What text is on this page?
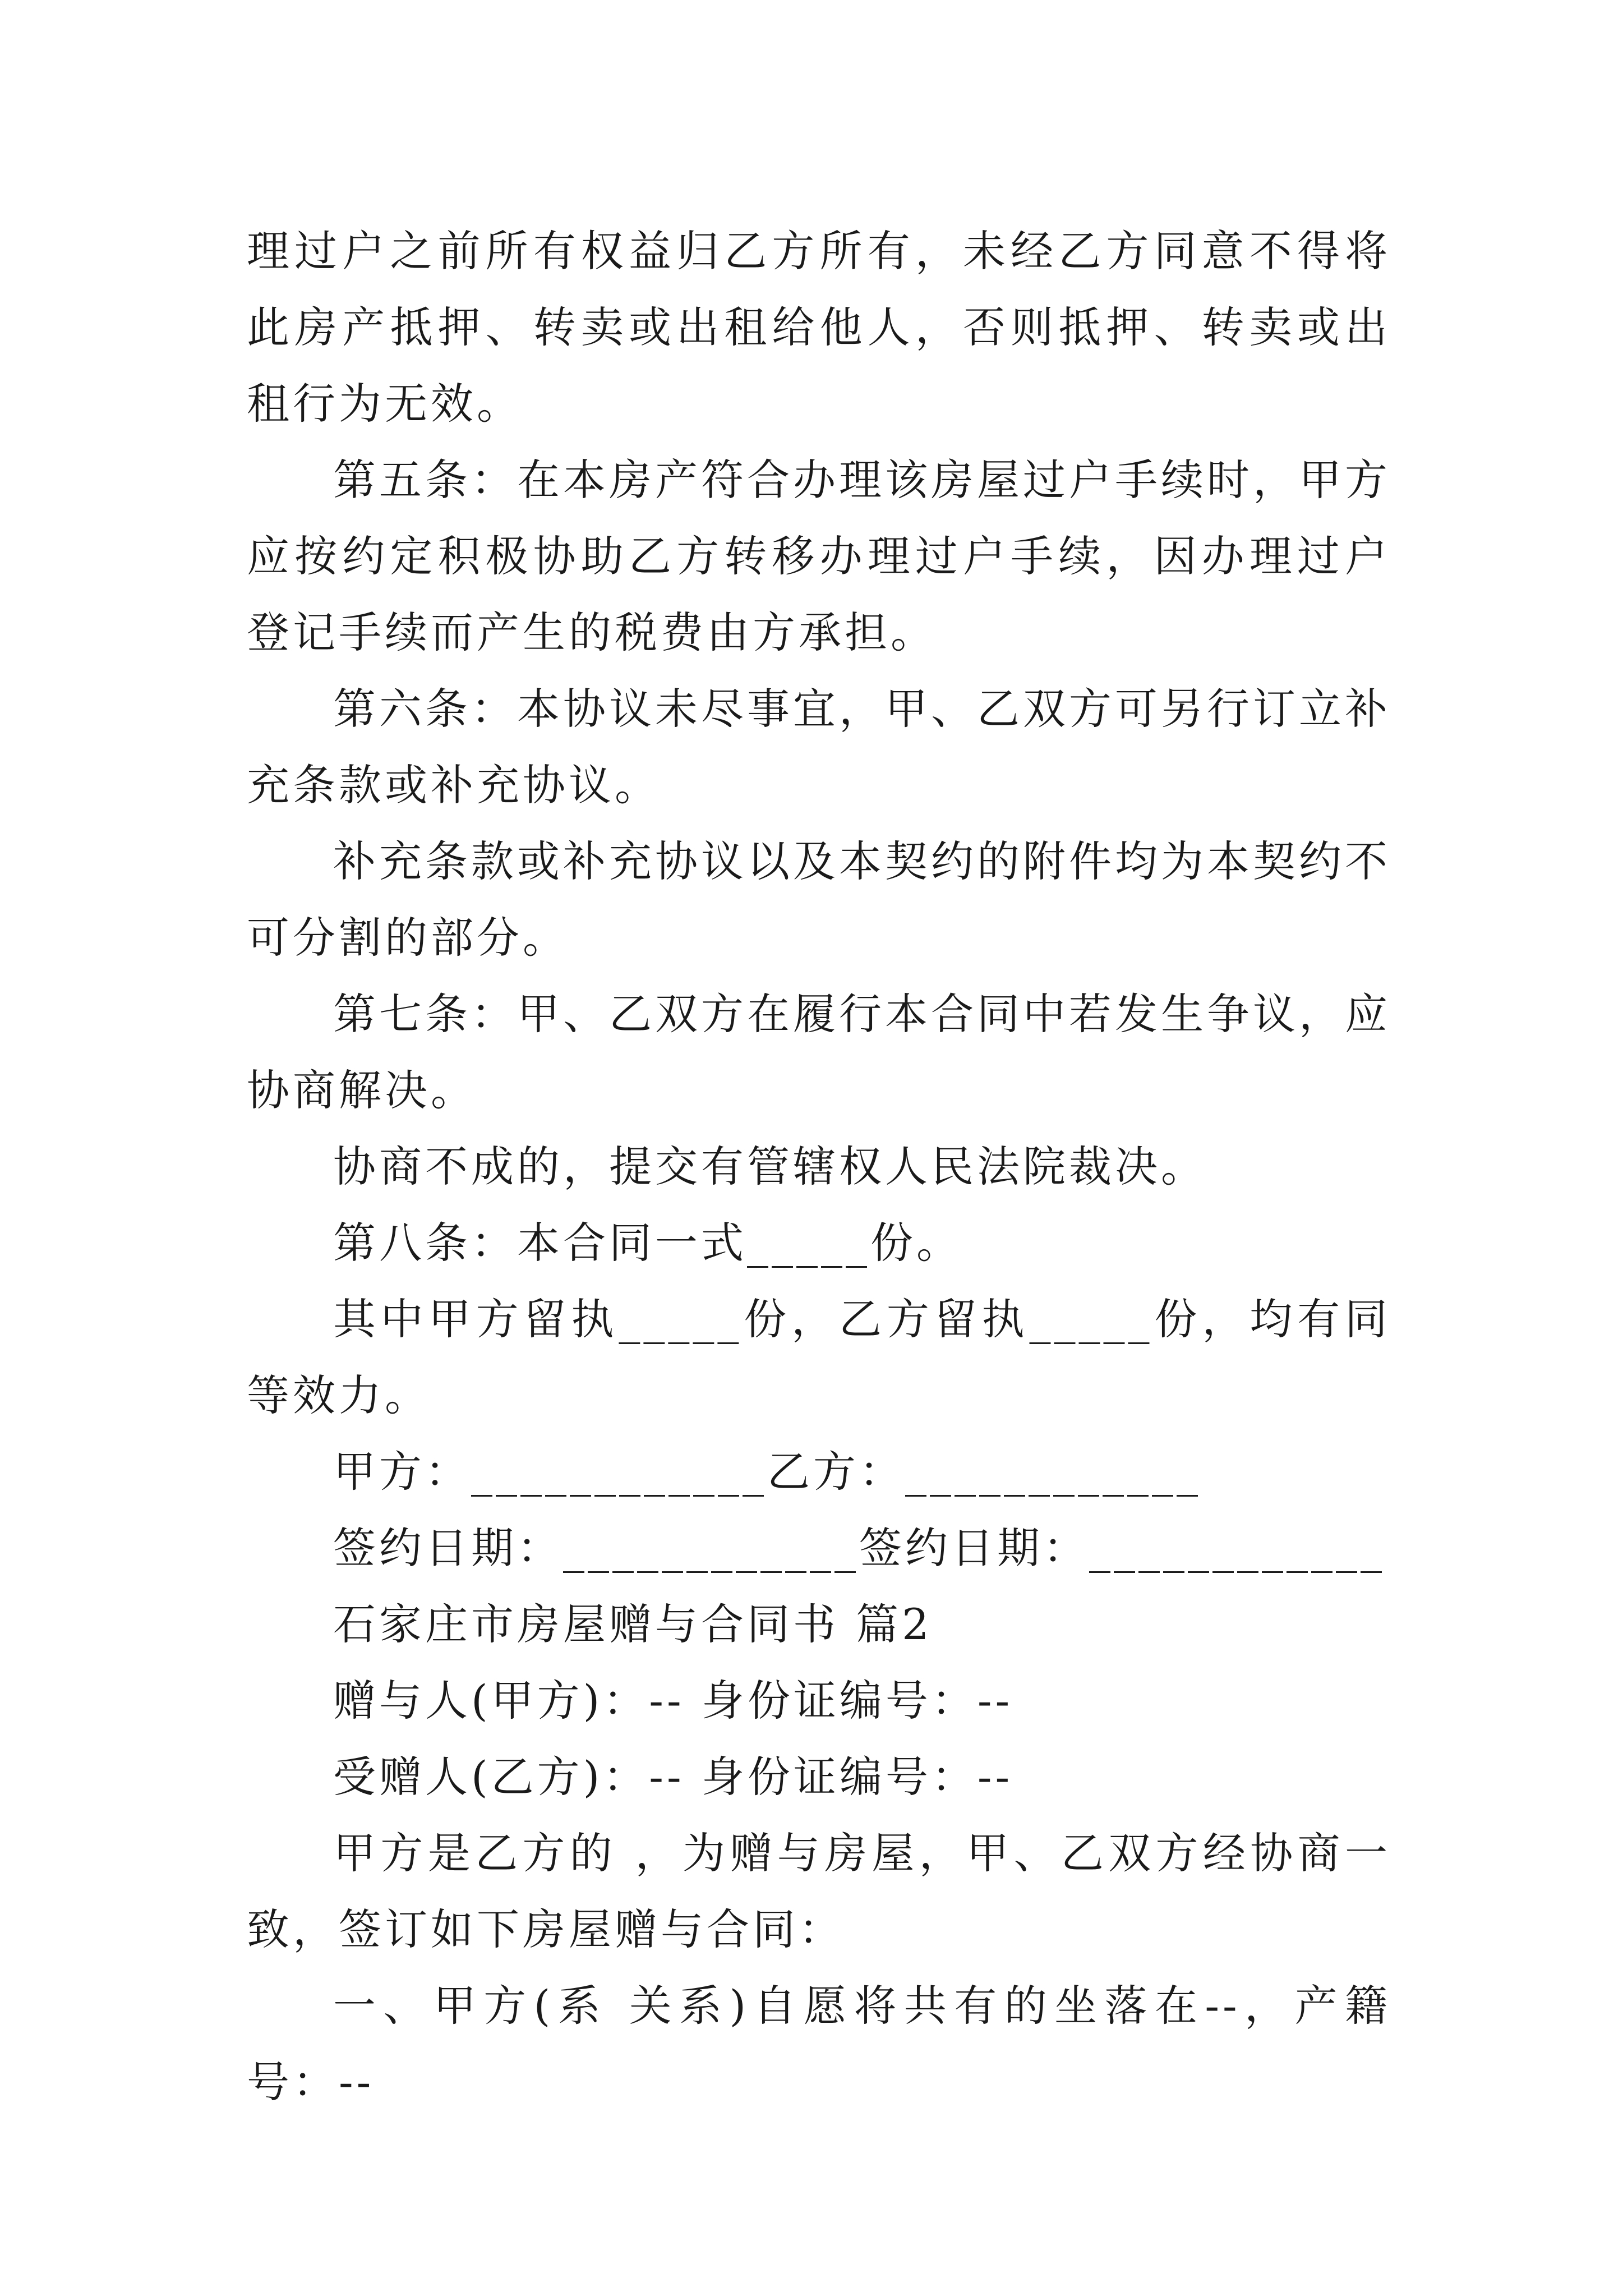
理过户之前所有权益归乙方所有，未经乙方同意不得将此房产抵押、转卖或出租给他人，否则抵押、转卖或出租行为无效。

第五条：在本房产符合办理该房屋过户手续时，甲方应按约定积极协助乙方转移办理过户手续，因办理过户登记手续而产生的税费由方承担。

第六条：本协议未尽事宜，甲、乙双方可另行订立补充条款或补充协议。

补充条款或补充协议以及本契约的附件均为本契约不可分割的部分。

第七条：甲、乙双方在履行本合同中若发生争议，应协商解决。

协商不成的，提交有管辖权人民法院裁决。

第八条：本合同一式_____份。

其中甲方留执_____份，乙方留执_____份，均有同等效力。

甲方：____________乙方：____________

签约日期：____________签约日期：____________

石家庄市房屋赠与合同书 篇2

赠与人(甲方)：-- 身份证编号：--

受赠人(乙方)：-- 身份证编号：--

甲方是乙方的 ，为赠与房屋，甲、乙双方经协商一致，签订如下房屋赠与合同：

一、甲方(系 关系)自愿将共有的坐落在--，产籍号：--
